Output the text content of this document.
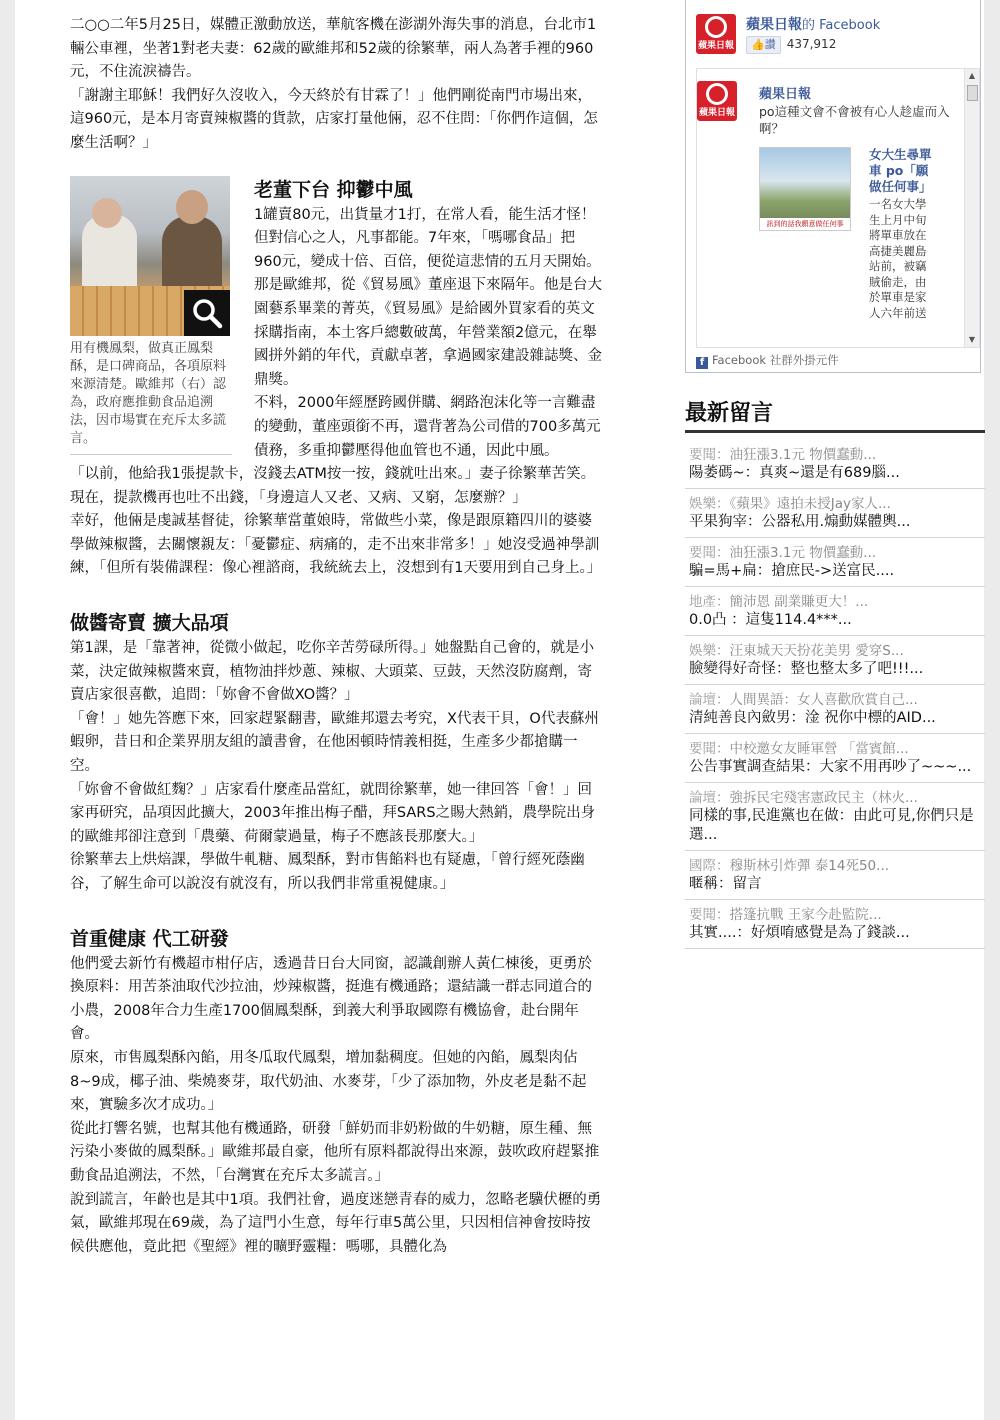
二○○二年5月25日，媒體正激動放送，華航客機在澎湖外海失事的消息，台北市1輛公車裡，坐著1對老夫妻：62歲的歐維邦和52歲的徐繁華，兩人為著手裡的960元，不住流淚禱告。

「謝謝主耶穌！我們好久沒收入，今天終於有甘霖了！」他們剛從南門市場出來，這960元，是本月寄賣辣椒醬的貨款，店家打量他倆，忍不住問：「你們作這個，怎麼生活啊？」

用有機鳳梨，做真正鳳梨酥，是口碑商品，各項原料來源清楚。歐維邦（右）認為，政府應推動食品追溯法，因市場實在充斥太多謊言。
老董下台 抑鬱中風

1罐賣80元，出貨量才1打，在常人看，能生活才怪！

但對信心之人，凡事都能。7年來，「嗎哪食品」把960元，變成十倍、百倍，便從這悲情的五月天開始。

那是歐維邦，從《貿易風》董座退下來隔年。他是台大園藝系畢業的菁英，《貿易風》是給國外買家看的英文採購指南，本土客戶總數破萬，年營業額2億元，在舉國拼外銷的年代，貢獻卓著，拿過國家建設雜誌獎、金鼎獎。

不料，2000年經歷跨國併購、網路泡沫化等一言難盡的變動，董座頭銜不再，還背著為公司借的700多萬元債務，多重抑鬱壓得他血管也不通，因此中風。

「以前，他給我1張提款卡，沒錢去ATM按一按，錢就吐出來。」妻子徐繁華苦笑。現在，提款機再也吐不出錢，「身邊這人又老、又病、又窮，怎麼辦？」

幸好，他倆是虔誠基督徒，徐繁華當董娘時，常做些小菜，像是跟原籍四川的婆婆學做辣椒醬，去關懷親友：「憂鬱症、病痛的，走不出來非常多！」她沒受過神學訓練，「但所有裝備課程：像心裡諮商，我統統去上，沒想到有1天要用到自己身上。」

做醬寄賣 擴大品項

第1課，是「靠著神，從微小做起，吃你辛苦勞碌所得。」她盤點自己會的，就是小菜，決定做辣椒醬來賣，植物油拌炒蔥、辣椒、大頭菜、豆鼓，天然沒防腐劑，寄賣店家很喜歡，追問：「妳會不會做XO醬？」

「會！」她先答應下來，回家趕緊翻書，歐維邦還去考究，X代表干貝，O代表蘇州蝦卵，昔日和企業界朋友組的讀書會，在他困頓時情義相挺，生產多少都搶購一空。

「妳會不會做紅麴？」店家看什麼產品當紅，就問徐繁華，她一律回答「會！」回家再研究，品項因此擴大，2003年推出梅子醋，拜SARS之賜大熱銷，農學院出身的歐維邦卻注意到「農藥、荷爾蒙過量，梅子不應該長那麼大。」

徐繁華去上烘焙課，學做牛軋糖、鳳梨酥，對市售餡料也有疑慮，「曾行經死蔭幽谷，了解生命可以說沒有就沒有，所以我們非常重視健康。」

首重健康 代工研發

他們愛去新竹有機超市柑仔店，透過昔日台大同窗，認識創辦人黃仁棟後，更勇於換原料：用苦茶油取代沙拉油，炒辣椒醬，挺進有機通路；還結識一群志同道合的小農，2008年合力生產1700個鳳梨酥，到義大利爭取國際有機協會，赴台開年會。

原來，市售鳳梨酥內餡，用冬瓜取代鳳梨，增加黏稠度。但她的內餡，鳳梨肉佔8~9成，椰子油、柴燒麥芽，取代奶油、水麥芽，「少了添加物，外皮老是黏不起來，實驗多次才成功。」

從此打響名號，也幫其他有機通路，研發「鮮奶而非奶粉做的牛奶糖，原生種、無污染小麥做的鳳梨酥。」歐維邦最自豪，他所有原料都說得出來源，鼓吹政府趕緊推動食品追溯法，不然，「台灣實在充斥太多謊言。」

說到謊言，年齡也是其中1項。我們社會，過度迷戀青春的威力，忽略老驥伏櫪的勇氣，歐維邦現在69歲，為了這門小生意，每年行車5萬公里，只因相信神會按時按候供應他，竟此把《聖經》裡的曠野靈糧：嗎哪，具體化為

蘋果日報
蘋果日報的 Facebook
👍讚 437,912
蘋果日報
蘋果日報
po這種文會不會被有心人趁虛而入啊？
訊到的話我願意做任何事
女大生尋單車 po「願做任何事」
一名女大學生上月中旬將單車放在高捷美麗島站前，被竊賊偷走，由於單車是家人六年前送
▲
▼
f Facebook 社群外掛元件
最新留言
要聞：油狂漲3.1元 物價蠢動...
陽萎碼~：真爽~還是有689腦...
娛樂：《蘋果》遠拍未授Jay家人...
平果狗宰：公器私用.煽動媒體輿...
要聞：油狂漲3.1元 物價蠢動...
騙=馬+扁：搶庶民->送富民....
地產：簡沛恩 副業賺更大！...
0.0凸 ：這隻114.4***...
娛樂：汪東城天天扮花美男 愛穿S...
臉變得好奇怪：整也整太多了吧!!!...
論壇：人間異語：女人喜歡欣賞自己...
清純善良內斂男：淦 祝你中標的AID...
要聞：中校邀女友睡軍營 「當賓館...
公告事實調查結果：大家不用再吵了~~~...
論壇：強拆民宅殘害憲政民主（林火...
同樣的事,民進黨也在做：由此可見,你們只是選...
國際：穆斯林引炸彈 泰14死50...
暱稱：留言
要聞：搭篷抗戰 王家今赴監院...
其實....：好煩唷感覺是為了錢談...
